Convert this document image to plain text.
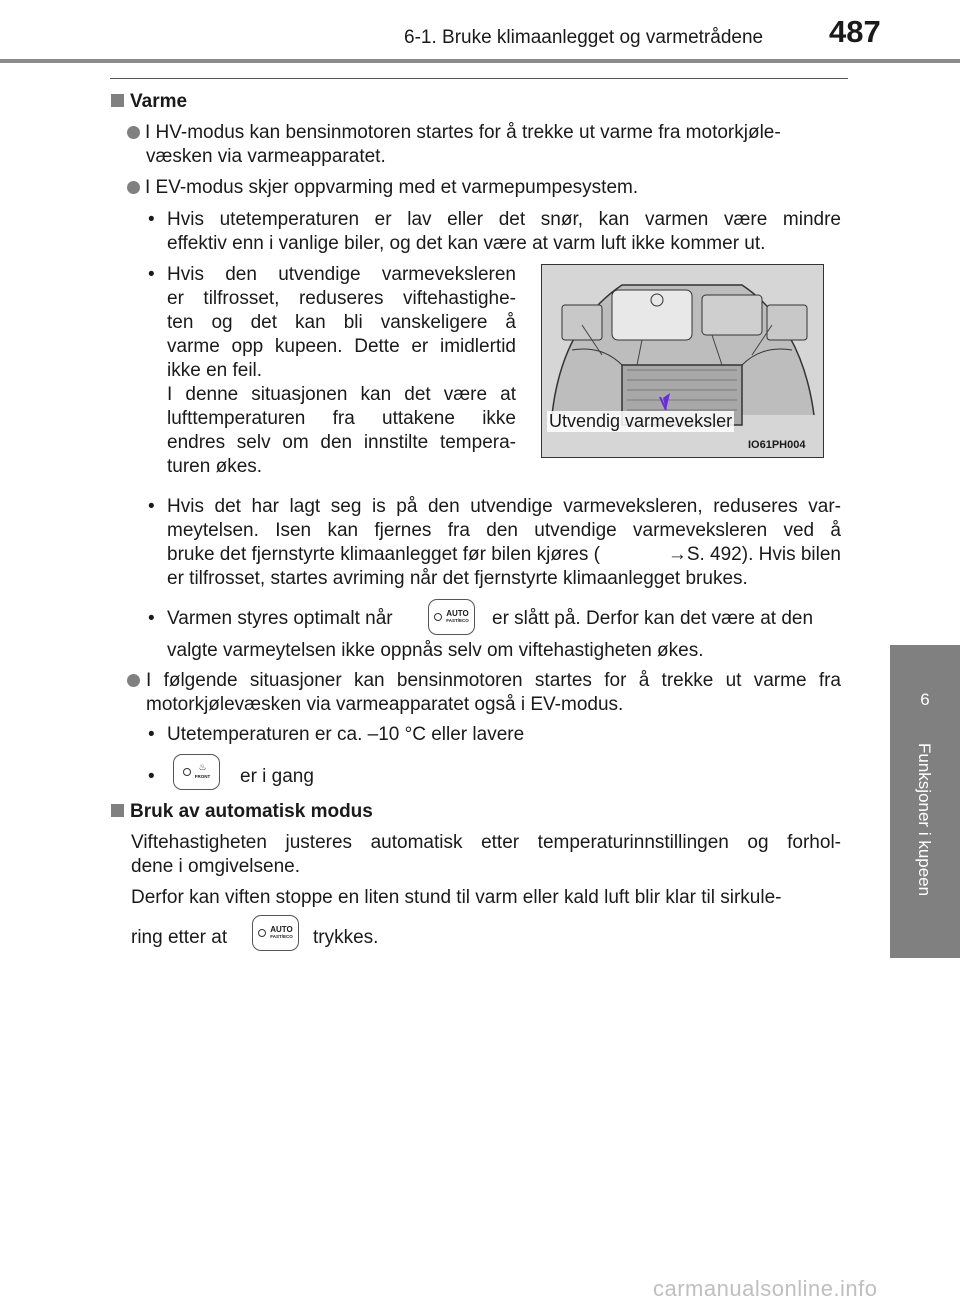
6-1. Bruke klimaanlegget og varmetrådene 487
6
Funksjoner i kupeen
Varme
I HV-modus kan bensinmotoren startes for å trekke ut varme fra motorkjøle-
væsken via varmeapparatet.
I EV-modus skjer oppvarming med et varmepumpesystem.
• Hvis utetemperaturen er lav eller det snør, kan varmen være mindre
effektiv enn i vanlige biler, og det kan være at varm luft ikke kommer ut.
• Hvis den utvendige varmeveksleren
er tilfrosset, reduseres viftehastighe-
ten og det kan bli vanskeligere å
varme opp kupeen. Dette er imidlertid
ikke en feil.
I denne situasjonen kan det være at
lufttemperaturen fra uttakene ikke
endres selv om den innstilte tempera-
turen økes.
Utvendig varmeveksler
IO61PH004
• Hvis det har lagt seg is på den utvendige varmeveksleren, reduseres var-
meytelsen. Isen kan fjernes fra den utvendige varmeveksleren ved å
bruke det fjernstyrte klimaanlegget før bilen kjøres (	→ S. 492). Hvis bilen
er tilfrosset, startes avriming når det fjernstyrte klimaanlegget brukes.
• Varmen styres optimalt når	AUTO
FAST/ECO er slått på. Derfor kan det være at den
valgte varmeytelsen ikke oppnås selv om viftehastigheten økes.
I følgende situasjoner kan bensinmotoren startes for å trekke ut varme fra
motorkjølevæsken via varmeapparatet også i EV-modus.
• Utetemperaturen er ca. –10 °C eller lavere
•	♨
FRONT er i gang
Bruk av automatisk modus
Viftehastigheten justeres automatisk etter temperaturinnstillingen og forhol-
dene i omgivelsene.
Derfor kan viften stoppe en liten stund til varm eller kald luft blir klar til sirkule-
ring etter at	AUTO
FAST/ECO trykkes.
carmanualsonline.info
